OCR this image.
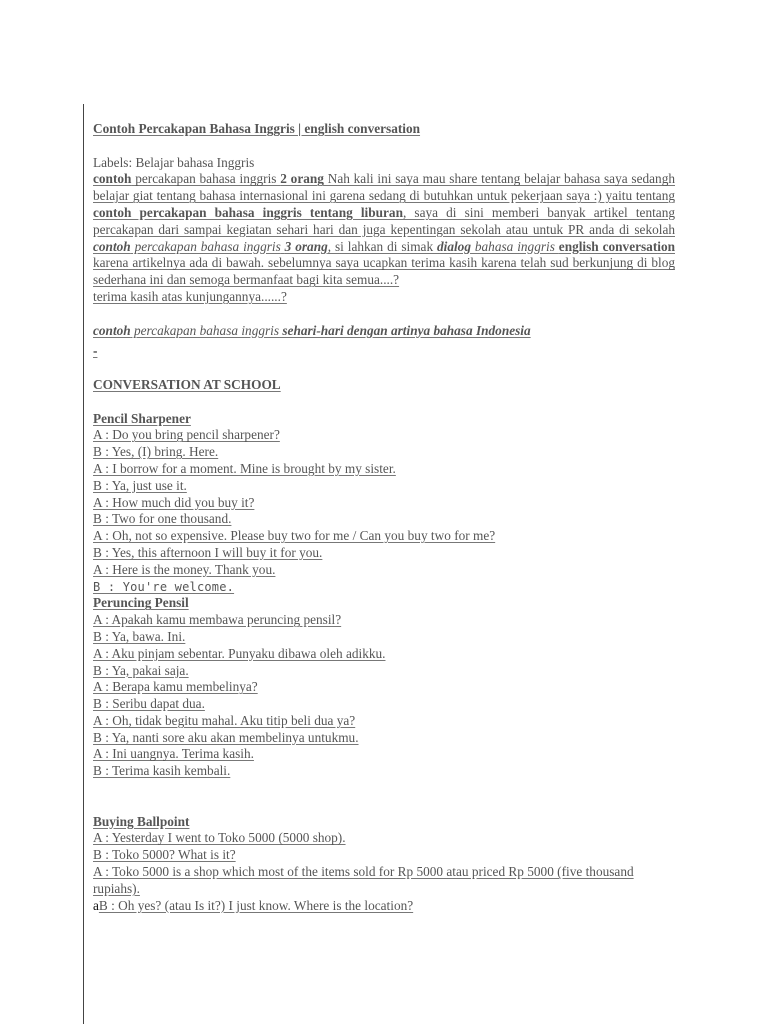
Contoh Percakapan Bahasa Inggris | english conversation

Labels: Belajar bahasa Inggris

contoh percakapan bahasa inggris 2 orang Nah kali ini saya mau share tentang belajar bahasa saya sedangh belajar giat tentang bahasa internasional ini garena sedang di butuhkan untuk pekerjaan saya :) yaitu tentang contoh percakapan bahasa inggris tentang liburan, saya di sini memberi banyak artikel tentang percakapan dari sampai kegiatan sehari hari dan juga kepentingan sekolah atau untuk PR anda di sekolah contoh percakapan bahasa inggris 3 orang, si lahkan di simak dialog bahasa inggris english conversation karena artikelnya ada di bawah. sebelumnya saya ucapkan terima kasih karena telah sud berkunjung di blog sederhana ini dan semoga bermanfaat bagi kita semua....?

terima kasih atas kunjungannya......?

contoh percakapan bahasa inggris sehari-hari dengan artinya bahasa Indonesia

-

CONVERSATION AT SCHOOL

Pencil Sharpener

A : Do you bring pencil sharpener?

B : Yes, (I) bring. Here.

A : I borrow for a moment. Mine is brought by my sister.

B : Ya, just use it.

A : How much did you buy it?

B : Two for one thousand.

A : Oh, not so expensive. Please buy two for me / Can you buy two for me?

B : Yes, this afternoon I will buy it for you.

A : Here is the money. Thank you.

B : You're welcome.

Peruncing Pensil

A : Apakah kamu membawa peruncing pensil?

B : Ya, bawa. Ini.

A : Aku pinjam sebentar. Punyaku dibawa oleh adikku.

B : Ya, pakai saja.

A : Berapa kamu membelinya?

B : Seribu dapat dua.

A : Oh, tidak begitu mahal. Aku titip beli dua ya?

B : Ya, nanti sore aku akan membelinya untukmu.

A : Ini uangnya. Terima kasih.

B : Terima kasih kembali.

Buying Ballpoint

A : Yesterday I went to Toko 5000 (5000 shop).

B : Toko 5000? What is it?

A : Toko 5000 is a shop which most of the items sold for Rp 5000 atau priced Rp 5000 (five thousand rupiahs).

aB : Oh yes? (atau Is it?) I just know. Where is the location?
